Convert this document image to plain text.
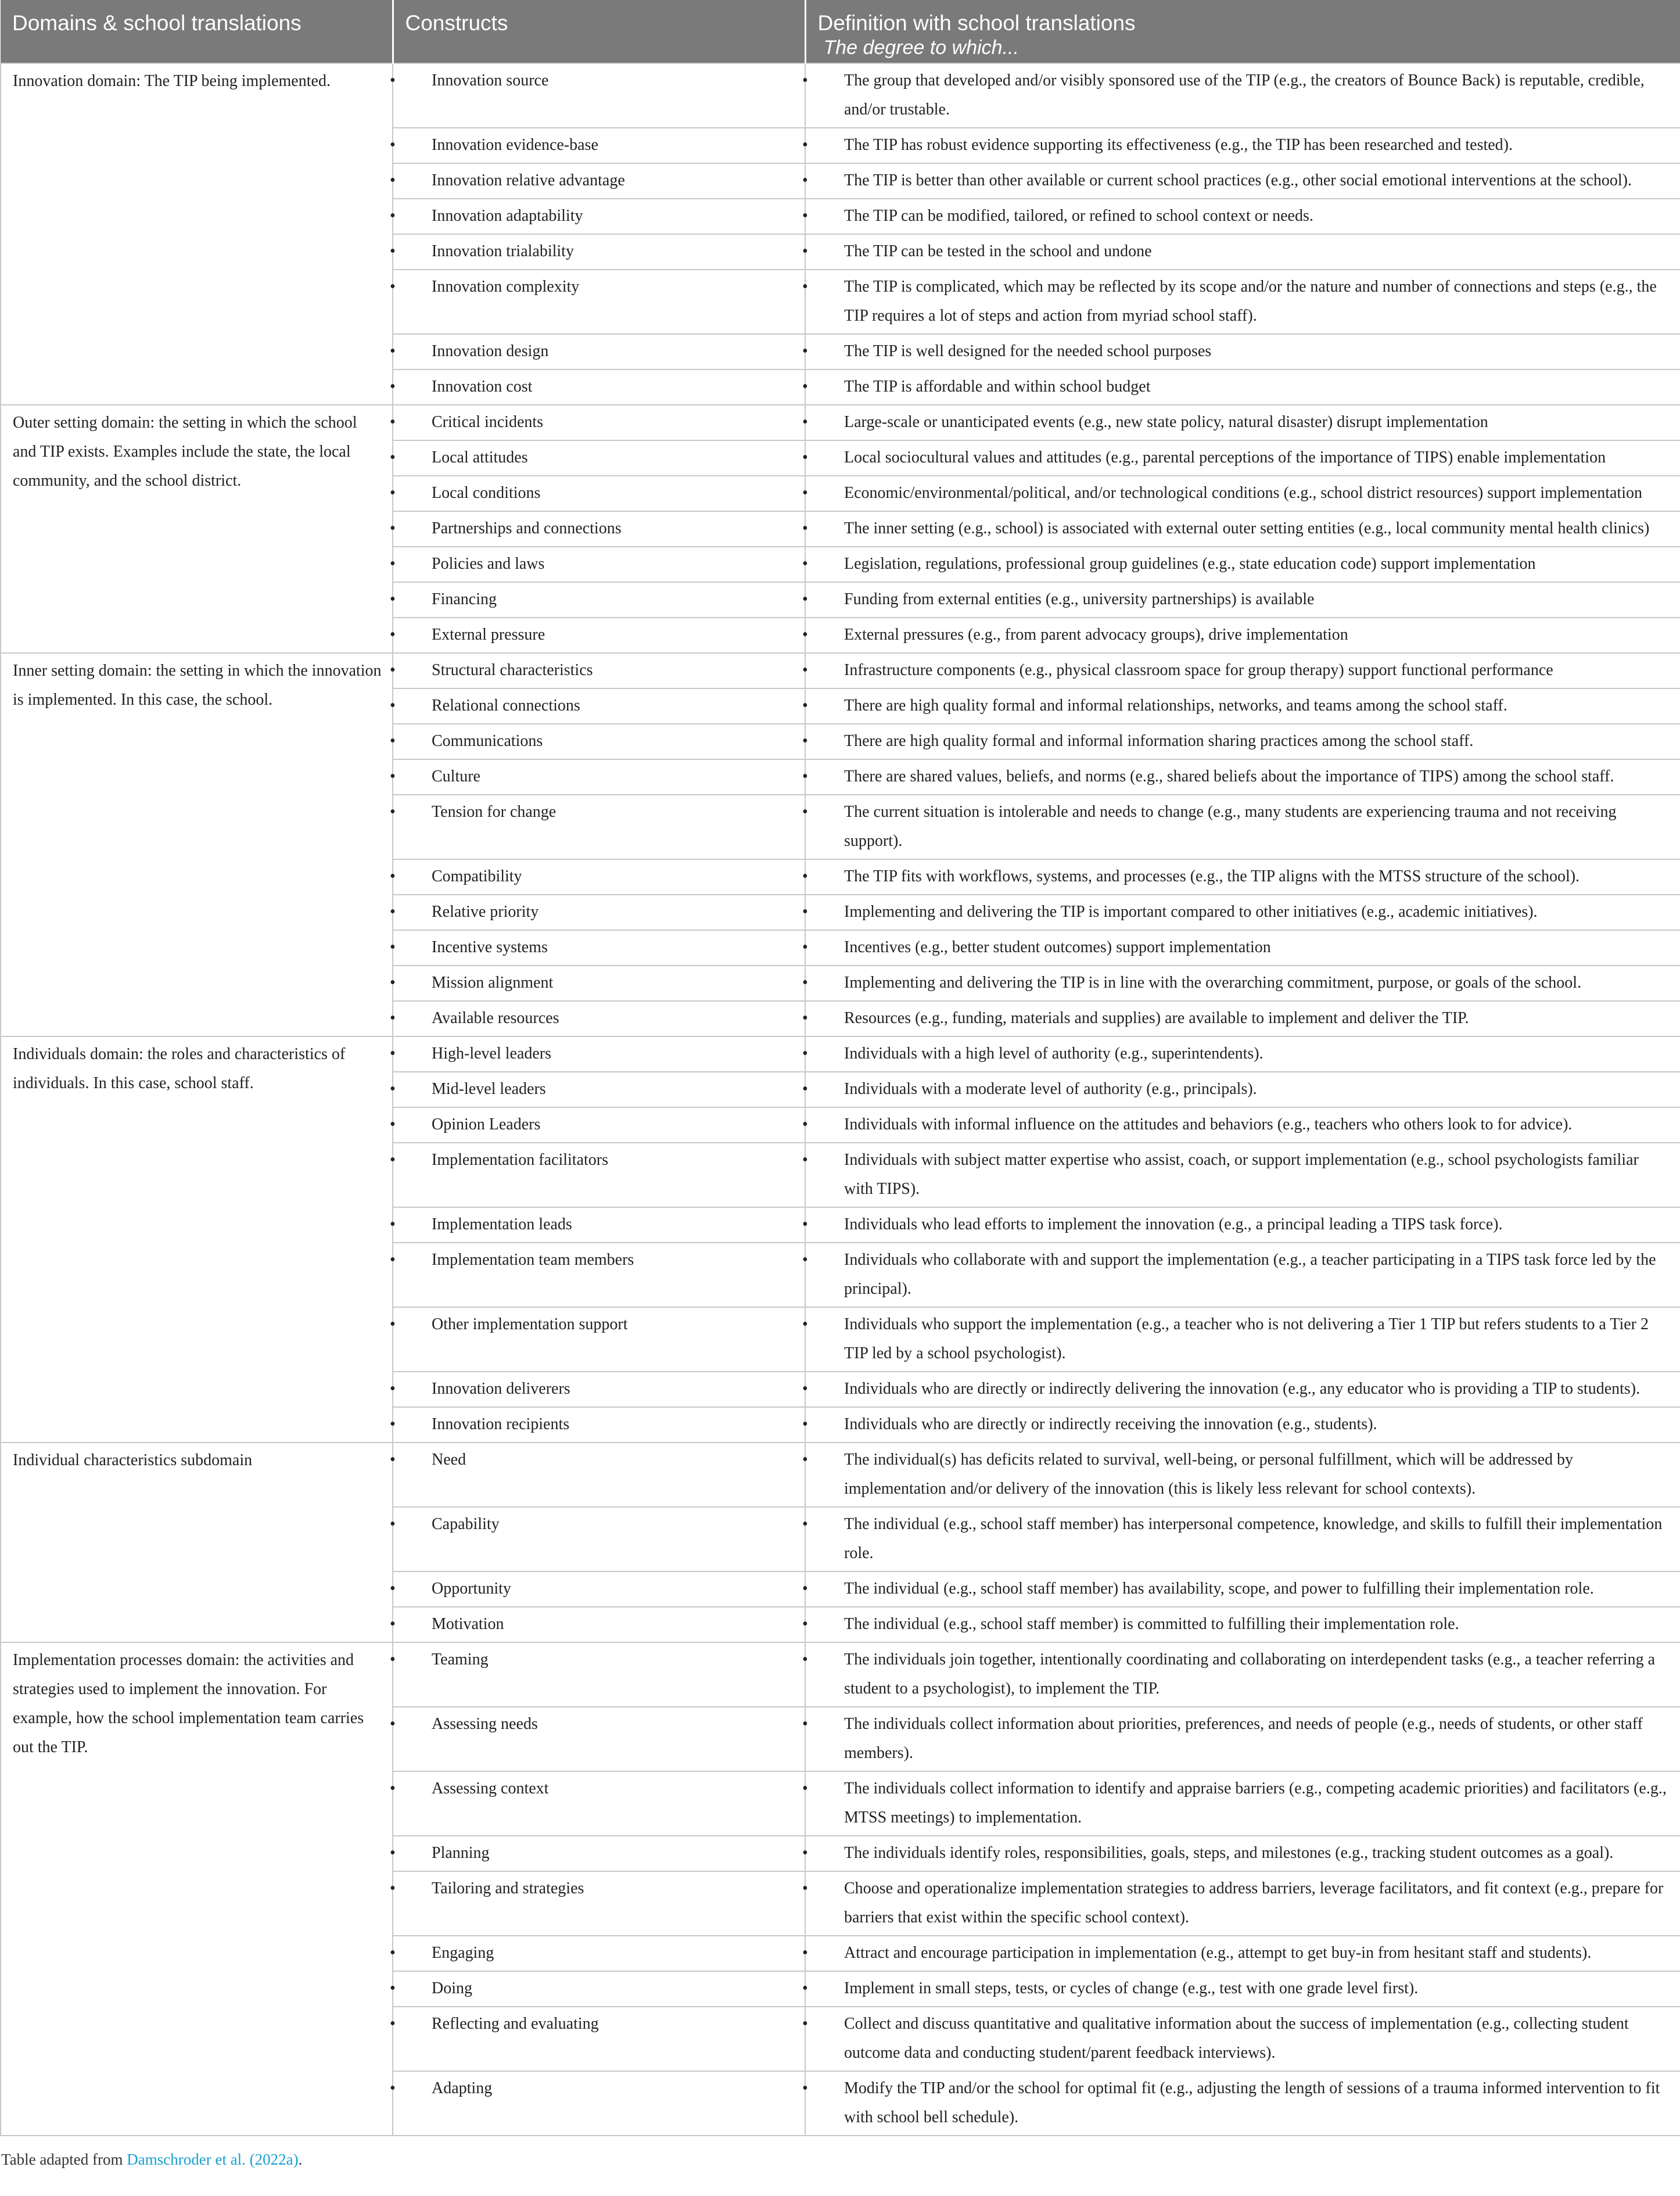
Domains & school translations	Constructs	Definition with school translations
The degree to which...

Innovation domain: The TIP being implemented.	• Innovation source	• The group that developed and/or visibly sponsored use of the TIP (e.g., the creators of Bounce Back) is reputable, credible, and/or trustable.

	• Innovation evidence-base	• The TIP has robust evidence supporting its effectiveness (e.g., the TIP has been researched and tested).

	• Innovation relative advantage	• The TIP is better than other available or current school practices (e.g., other social emotional interventions at the school).

	• Innovation adaptability	• The TIP can be modified, tailored, or refined to school context or needs.

	• Innovation trialability	• The TIP can be tested in the school and undone

	• Innovation complexity	• The TIP is complicated, which may be reflected by its scope and/or the nature and number of connections and steps (e.g., the TIP requires a lot of steps and action from myriad school staff).

	• Innovation design	• The TIP is well designed for the needed school purposes

	• Innovation cost	• The TIP is affordable and within school budget

Outer setting domain: the setting in which the school and TIP exists. Examples include the state, the local community, and the school district.	• Critical incidents	• Large-scale or unanticipated events (e.g., new state policy, natural disaster) disrupt implementation

	• Local attitudes	• Local sociocultural values and attitudes (e.g., parental perceptions of the importance of TIPS) enable implementation

	• Local conditions	• Economic/environmental/political, and/or technological conditions (e.g., school district resources) support implementation

	• Partnerships and connections	• The inner setting (e.g., school) is associated with external outer setting entities (e.g., local community mental health clinics)

	• Policies and laws	• Legislation, regulations, professional group guidelines (e.g., state education code) support implementation

	• Financing	• Funding from external entities (e.g., university partnerships) is available

	• External pressure	• External pressures (e.g., from parent advocacy groups), drive implementation

Inner setting domain: the setting in which the innovation is implemented. In this case, the school.	• Structural characteristics	• Infrastructure components (e.g., physical classroom space for group therapy) support functional performance

	• Relational connections	• There are high quality formal and informal relationships, networks, and teams among the school staff.

	• Communications	• There are high quality formal and informal information sharing practices among the school staff.

	• Culture	• There are shared values, beliefs, and norms (e.g., shared beliefs about the importance of TIPS) among the school staff.

	• Tension for change	• The current situation is intolerable and needs to change (e.g., many students are experiencing trauma and not receiving support).

	• Compatibility	• The TIP fits with workflows, systems, and processes (e.g., the TIP aligns with the MTSS structure of the school).

	• Relative priority	• Implementing and delivering the TIP is important compared to other initiatives (e.g., academic initiatives).

	• Incentive systems	• Incentives (e.g., better student outcomes) support implementation

	• Mission alignment	• Implementing and delivering the TIP is in line with the overarching commitment, purpose, or goals of the school.

	• Available resources	• Resources (e.g., funding, materials and supplies) are available to implement and deliver the TIP.

Individuals domain: the roles and characteristics of individuals. In this case, school staff.	• High-level leaders	• Individuals with a high level of authority (e.g., superintendents).

	• Mid-level leaders	• Individuals with a moderate level of authority (e.g., principals).

	• Opinion Leaders	• Individuals with informal influence on the attitudes and behaviors (e.g., teachers who others look to for advice).

	• Implementation facilitators	• Individuals with subject matter expertise who assist, coach, or support implementation (e.g., school psychologists familiar with TIPS).

	• Implementation leads	• Individuals who lead efforts to implement the innovation (e.g., a principal leading a TIPS task force).

	• Implementation team members	• Individuals who collaborate with and support the implementation (e.g., a teacher participating in a TIPS task force led by the principal).

	• Other implementation support	• Individuals who support the implementation (e.g., a teacher who is not delivering a Tier 1 TIP but refers students to a Tier 2 TIP led by a school psychologist).

	• Innovation deliverers	• Individuals who are directly or indirectly delivering the innovation (e.g., any educator who is providing a TIP to students).

	• Innovation recipients	• Individuals who are directly or indirectly receiving the innovation (e.g., students).

Individual characteristics subdomain	• Need	• The individual(s) has deficits related to survival, well-being, or personal fulfillment, which will be addressed by implementation and/or delivery of the innovation (this is likely less relevant for school contexts).

	• Capability	• The individual (e.g., school staff member) has interpersonal competence, knowledge, and skills to fulfill their implementation role.

	• Opportunity	• The individual (e.g., school staff member) has availability, scope, and power to fulfilling their implementation role.

	• Motivation	• The individual (e.g., school staff member) is committed to fulfilling their implementation role.

Implementation processes domain: the activities and strategies used to implement the innovation. For example, how the school implementation team carries out the TIP.	• Teaming	• The individuals join together, intentionally coordinating and collaborating on interdependent tasks (e.g., a teacher referring a student to a psychologist), to implement the TIP.

	• Assessing needs	• The individuals collect information about priorities, preferences, and needs of people (e.g., needs of students, or other staff members).

	• Assessing context	• The individuals collect information to identify and appraise barriers (e.g., competing academic priorities) and facilitators (e.g., MTSS meetings) to implementation.

	• Planning	• The individuals identify roles, responsibilities, goals, steps, and milestones (e.g., tracking student outcomes as a goal).

	• Tailoring and strategies	• Choose and operationalize implementation strategies to address barriers, leverage facilitators, and fit context (e.g., prepare for barriers that exist within the specific school context).

	• Engaging	• Attract and encourage participation in implementation (e.g., attempt to get buy-in from hesitant staff and students).

	• Doing	• Implement in small steps, tests, or cycles of change (e.g., test with one grade level first).

	• Reflecting and evaluating	• Collect and discuss quantitative and qualitative information about the success of implementation (e.g., collecting student outcome data and conducting student/parent feedback interviews).

	• Adapting	• Modify the TIP and/or the school for optimal fit (e.g., adjusting the length of sessions of a trauma informed intervention to fit with school bell schedule).
Table adapted from Damschroder et al. (2022a).
